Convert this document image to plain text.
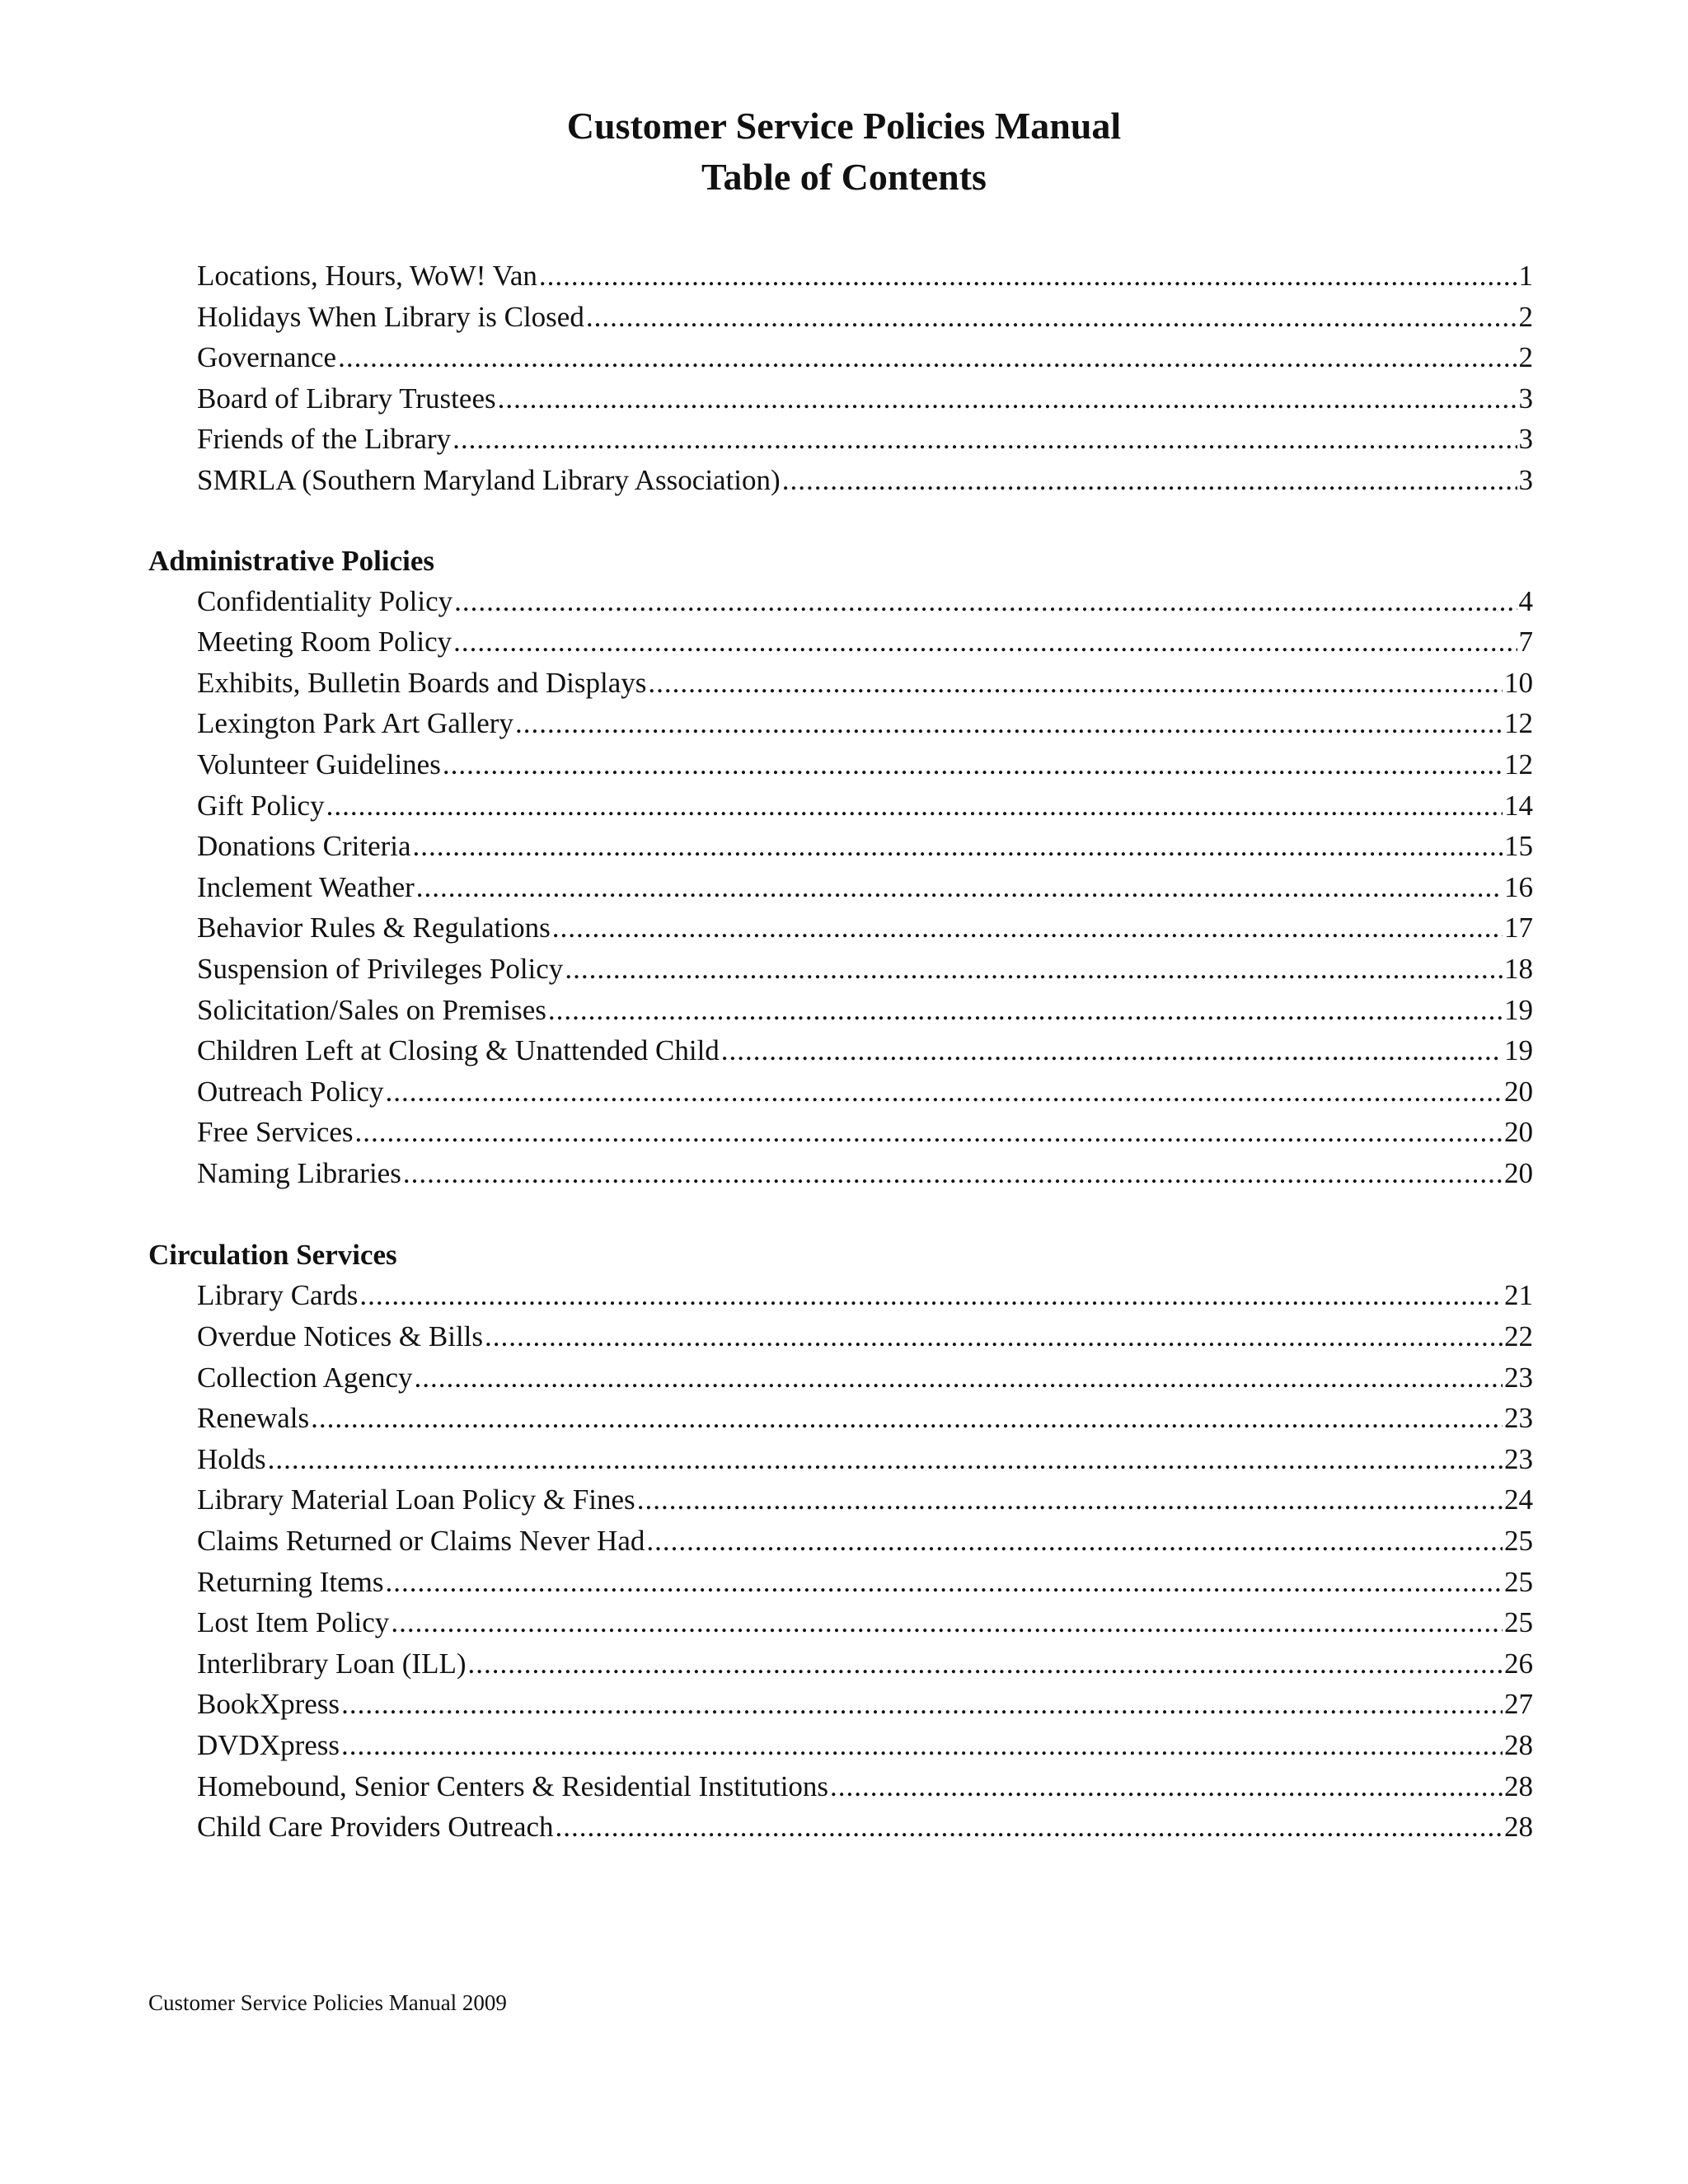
Customer Service Policies Manual
Table of Contents
Locations, Hours, WoW! Van .....	1
Holidays When Library is Closed .....	2
Governance .....	2
Board of Library Trustees .....	3
Friends of the Library .....	3
SMRLA (Southern Maryland Library Association) .....	3
Administrative Policies
Confidentiality Policy .....	4
Meeting Room Policy .....	7
Exhibits, Bulletin Boards and Displays .....	10
Lexington Park Art Gallery .....	12
Volunteer Guidelines .....	12
Gift Policy .....	14
Donations Criteria .....	15
Inclement Weather .....	16
Behavior Rules & Regulations .....	17
Suspension of Privileges Policy .....	18
Solicitation/Sales on Premises .....	19
Children Left at Closing & Unattended Child .....	19
Outreach Policy .....	20
Free Services .....	20
Naming Libraries .....	20
Circulation Services
Library Cards .....	21
Overdue Notices & Bills .....	22
Collection Agency .....	23
Renewals .....	23
Holds .....	23
Library Material Loan Policy & Fines .....	24
Claims Returned or Claims Never Had .....	25
Returning Items .....	25
Lost Item Policy .....	25
Interlibrary Loan (ILL) .....	26
BookXpress .....	27
DVDXpress .....	28
Homebound, Senior Centers & Residential Institutions .....	28
Child Care Providers Outreach .....	28
Customer Service Policies Manual 2009
